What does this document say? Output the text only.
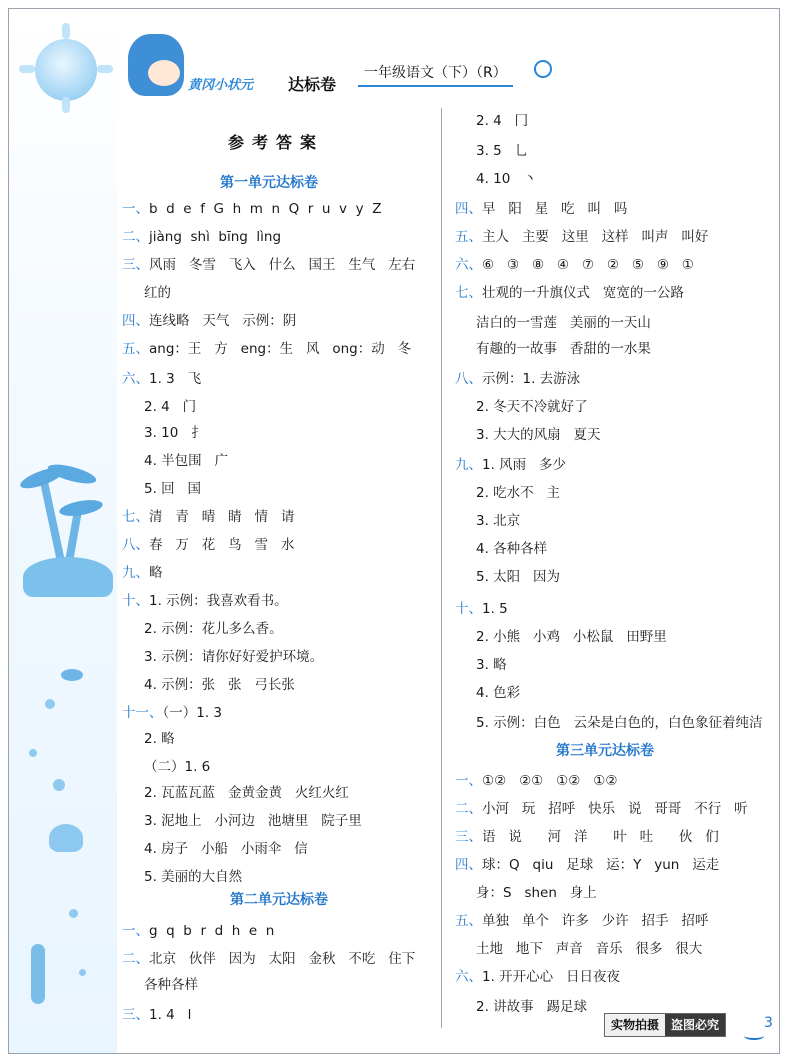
黄冈小状元 达标卷
一年级语文（下）（R）
参考答案
第一单元达标卷
第二单元达标卷
第三单元达标卷
一、b  d  e  f  G  h  m  n  Q  r  u  v  y  Z
二、jiàng  shì  bīng  lìng
三、风雨   冬雪   飞入   什么   国王   生气   左右
红的
四、连线略   天气   示例：阴
五、ang：王   方   eng：生   风   ong：动   冬
六、1. 3   飞
2. 4   门
3. 10   扌
4. 半包围   广
5. 回   国
七、清   青   晴   睛   情   请
八、春   万   花   鸟   雪   水
九、略
十、1. 示例：我喜欢看书。
2. 示例：花儿多么香。
3. 示例：请你好好爱护环境。
4. 示例：张   张   弓长张
十一、（一）1. 3
2. 略
（二）1. 6
2. 瓦蓝瓦蓝   金黄金黄   火红火红
3. 泥地上   小河边   池塘里   院子里
4. 房子   小船   小雨伞   信
5. 美丽的大自然
一、g  q  b  r  d  h  e  n
二、北京   伙伴   因为   太阳   金秋   不吃   住下
各种各样
三、1. 4   l
2. 4   冂
3. 5   乚
4. 10   丶
四、早   阳   星   吃   叫   吗
五、主人   主要   这里   这样   叫声   叫好
六、⑥   ③   ⑧   ④   ⑦   ②   ⑤   ⑨   ①
七、壮观的一升旗仪式   宽宽的一公路
洁白的一雪莲   美丽的一天山
有趣的一故事   香甜的一水果
八、示例：1. 去游泳
2. 冬天不冷就好了
3. 大大的风扇   夏天
九、1. 风雨   多少
2. 吃水不   主
3. 北京
4. 各种各样
5. 太阳   因为
十、1. 5
2. 小熊   小鸡   小松鼠   田野里
3. 略
4. 色彩
5. 示例：白色   云朵是白色的，白色象征着纯洁
一、①②   ②①   ①②   ①②
二、小河   玩   招呼   快乐   说   哥哥   不行   听
三、语   说      河   洋      叶   吐      伙   们
四、球：Q   qiu   足球   运：Y   yun   运走
身：S   shen   身上
五、单独   单个   许多   少许   招手   招呼
土地   地下   声音   音乐   很多   很大
六、1. 开开心心   日日夜夜
2. 讲故事   踢足球
实物拍摄	盗图必究	3
